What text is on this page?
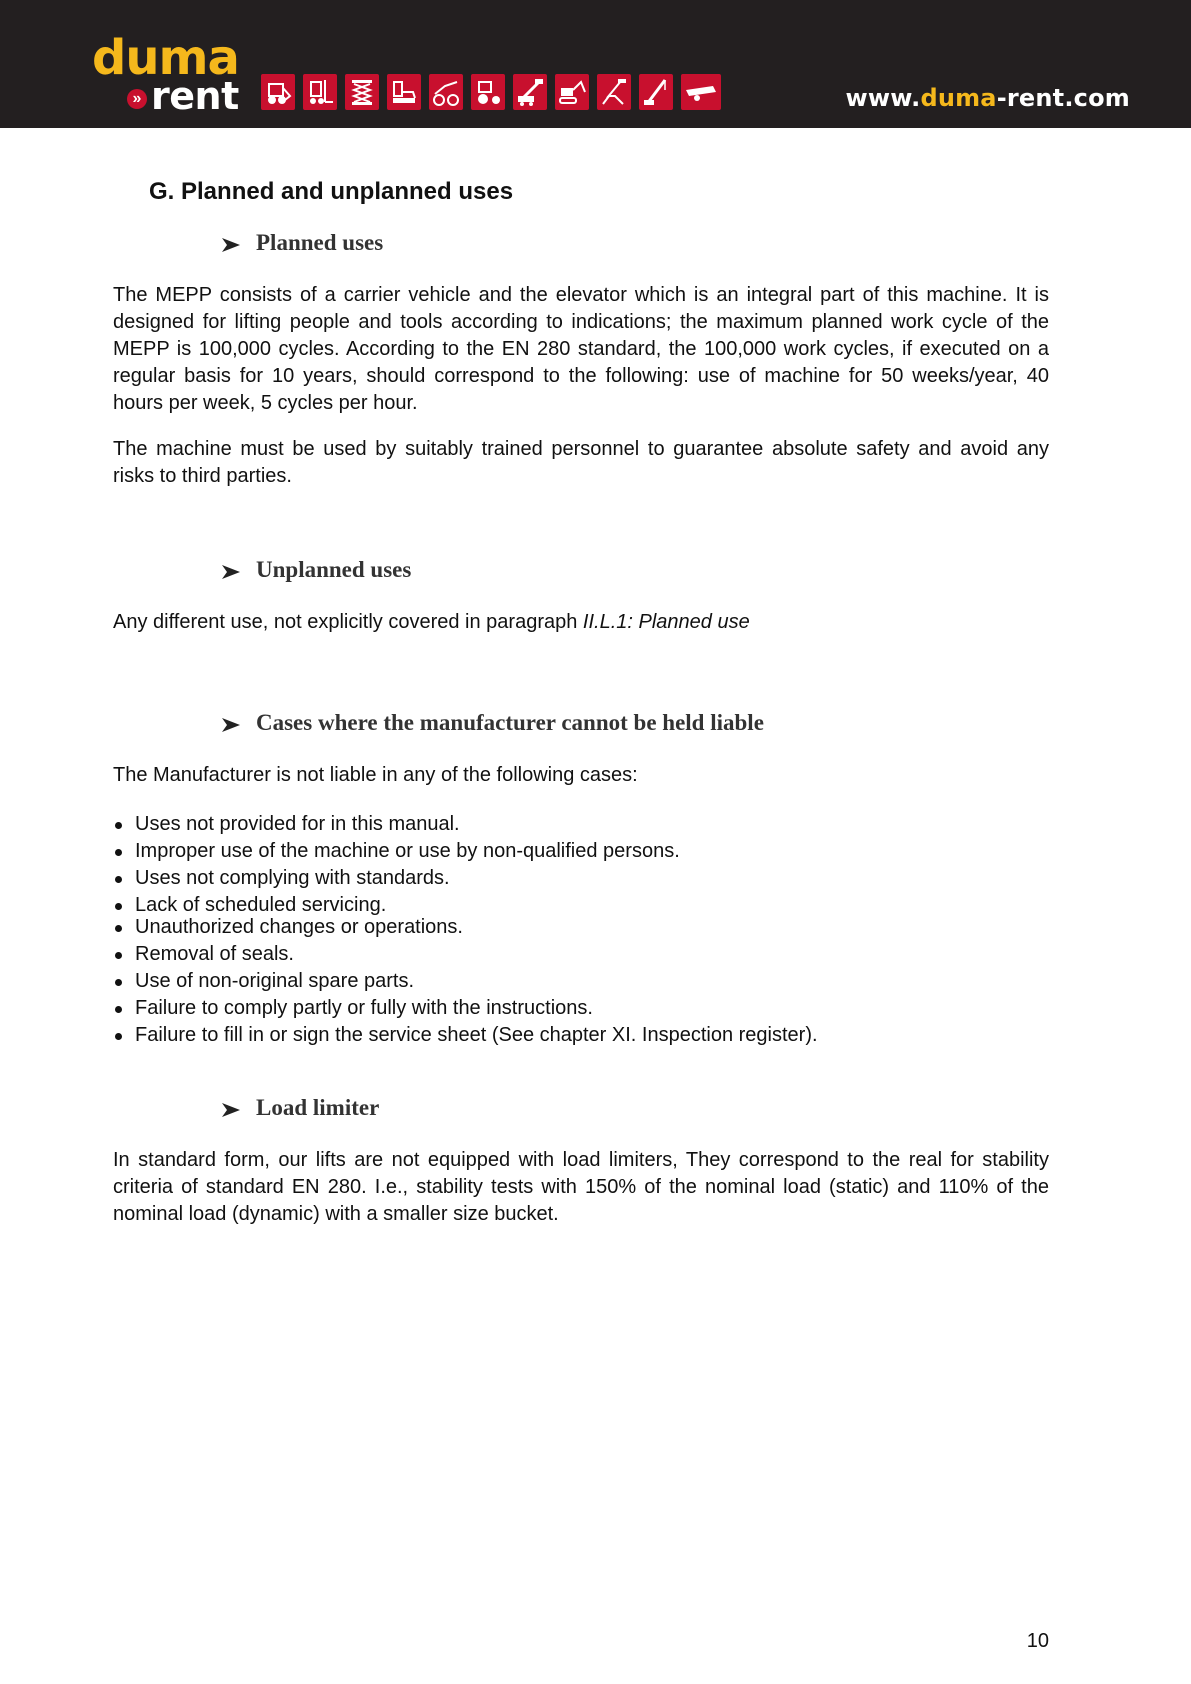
duma
» rent	www.duma-rent.com
G. Planned and unplanned uses
Planned uses

The MEPP consists of a carrier vehicle and the elevator which is an integral part of this machine. It is designed for lifting people and tools according to indications; the maximum planned work cycle of the MEPP is 100,000 cycles. According to the EN 280 standard, the 100,000 work cycles, if executed on a regular basis for 10 years, should correspond to the following: use of machine for 50 weeks/year, 40 hours per week, 5 cycles per hour.

The machine must be used by suitably trained personnel to guarantee absolute safety and avoid any risks to third parties.

Unplanned uses

Any different use, not explicitly covered in paragraph II.L.1: Planned use

Cases where the manufacturer cannot be held liable

The Manufacturer is not liable in any of the following cases:

Uses not provided for in this manual.
Improper use of the machine or use by non-qualified persons.
Uses not complying with standards.
Lack of scheduled servicing.
Unauthorized changes or operations.
Removal of seals.
Use of non-original spare parts.
Failure to comply partly or fully with the instructions.
Failure to fill in or sign the service sheet (See chapter XI. Inspection register).
Load limiter

In standard form, our lifts are not equipped with load limiters, They correspond to the real for stability criteria of standard EN 280. I.e., stability tests with 150% of the nominal load (static) and 110% of the nominal load (dynamic) with a smaller size bucket.

10
